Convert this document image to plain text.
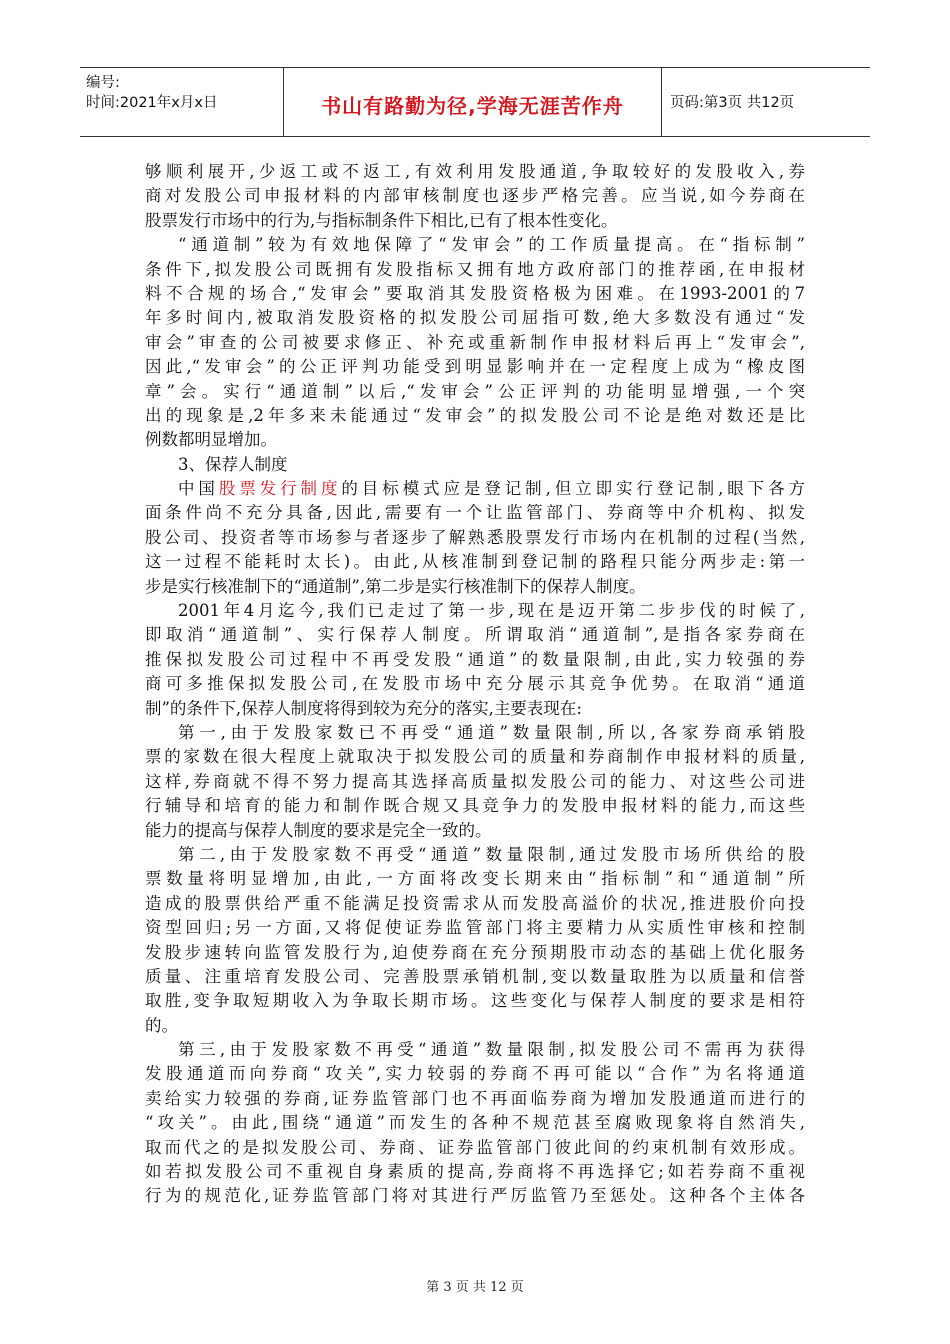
编号:
时间:2021年x月x日	书山有路勤为径,学海无涯苦作舟	页码:第3页 共12页
够顺利展开,少返工或不返工,有效利用发股通道,争取较好的发股收入,券
商对发股公司申报材料的内部审核制度也逐步严格完善。应当说,如今券商在
股票发行市场中的行为,与指标制条件下相比,已有了根本性变化。
“通道制”较为有效地保障了“发审会”的工作质量提高。在“指标制”
条件下,拟发股公司既拥有发股指标又拥有地方政府部门的推荐函,在申报材
料不合规的场合,“发审会”要取消其发股资格极为困难。在1993-2001的7
年多时间内,被取消发股资格的拟发股公司屈指可数,绝大多数没有通过“发
审会”审查的公司被要求修正、补充或重新制作申报材料后再上“发审会”,
因此,“发审会”的公正评判功能受到明显影响并在一定程度上成为“橡皮图
章”会。实行“通道制”以后,“发审会”公正评判的功能明显增强,一个突
出的现象是,2年多来未能通过“发审会”的拟发股公司不论是绝对数还是比
例数都明显增加。
3、保荐人制度
中国股票发行制度的目标模式应是登记制,但立即实行登记制,眼下各方
面条件尚不充分具备,因此,需要有一个让监管部门、券商等中介机构、拟发
股公司、投资者等市场参与者逐步了解熟悉股票发行市场内在机制的过程(当然,
这一过程不能耗时太长)。由此,从核准制到登记制的路程只能分两步走:第一
步是实行核准制下的“通道制”,第二步是实行核准制下的保荐人制度。
2001年4月迄今,我们已走过了第一步,现在是迈开第二步步伐的时候了,
即取消“通道制”、实行保荐人制度。所谓取消“通道制”,是指各家券商在
推保拟发股公司过程中不再受发股“通道”的数量限制,由此,实力较强的券
商可多推保拟发股公司,在发股市场中充分展示其竞争优势。在取消“通道
制”的条件下,保荐人制度将得到较为充分的落实,主要表现在:
第一,由于发股家数已不再受“通道”数量限制,所以,各家券商承销股
票的家数在很大程度上就取决于拟发股公司的质量和券商制作申报材料的质量,
这样,券商就不得不努力提高其选择高质量拟发股公司的能力、对这些公司进
行辅导和培育的能力和制作既合规又具竞争力的发股申报材料的能力,而这些
能力的提高与保荐人制度的要求是完全一致的。
第二,由于发股家数不再受“通道”数量限制,通过发股市场所供给的股
票数量将明显增加,由此,一方面将改变长期来由“指标制”和“通道制”所
造成的股票供给严重不能满足投资需求从而发股高溢价的状况,推进股价向投
资型回归;另一方面,又将促使证券监管部门将主要精力从实质性审核和控制
发股步速转向监管发股行为,迫使券商在充分预期股市动态的基础上优化服务
质量、注重培育发股公司、完善股票承销机制,变以数量取胜为以质量和信誉
取胜,变争取短期收入为争取长期市场。这些变化与保荐人制度的要求是相符
的。
第三,由于发股家数不再受“通道”数量限制,拟发股公司不需再为获得
发股通道而向券商“攻关”,实力较弱的券商不再可能以“合作”为名将通道
卖给实力较强的券商,证券监管部门也不再面临券商为增加发股通道而进行的
“攻关”。由此,围绕“通道”而发生的各种不规范甚至腐败现象将自然消失,
取而代之的是拟发股公司、券商、证券监管部门彼此间的约束机制有效形成。
如若拟发股公司不重视自身素质的提高,券商将不再选择它;如若券商不重视
行为的规范化,证券监管部门将对其进行严厉监管乃至惩处。这种各个主体各
第 3 页 共 12 页
